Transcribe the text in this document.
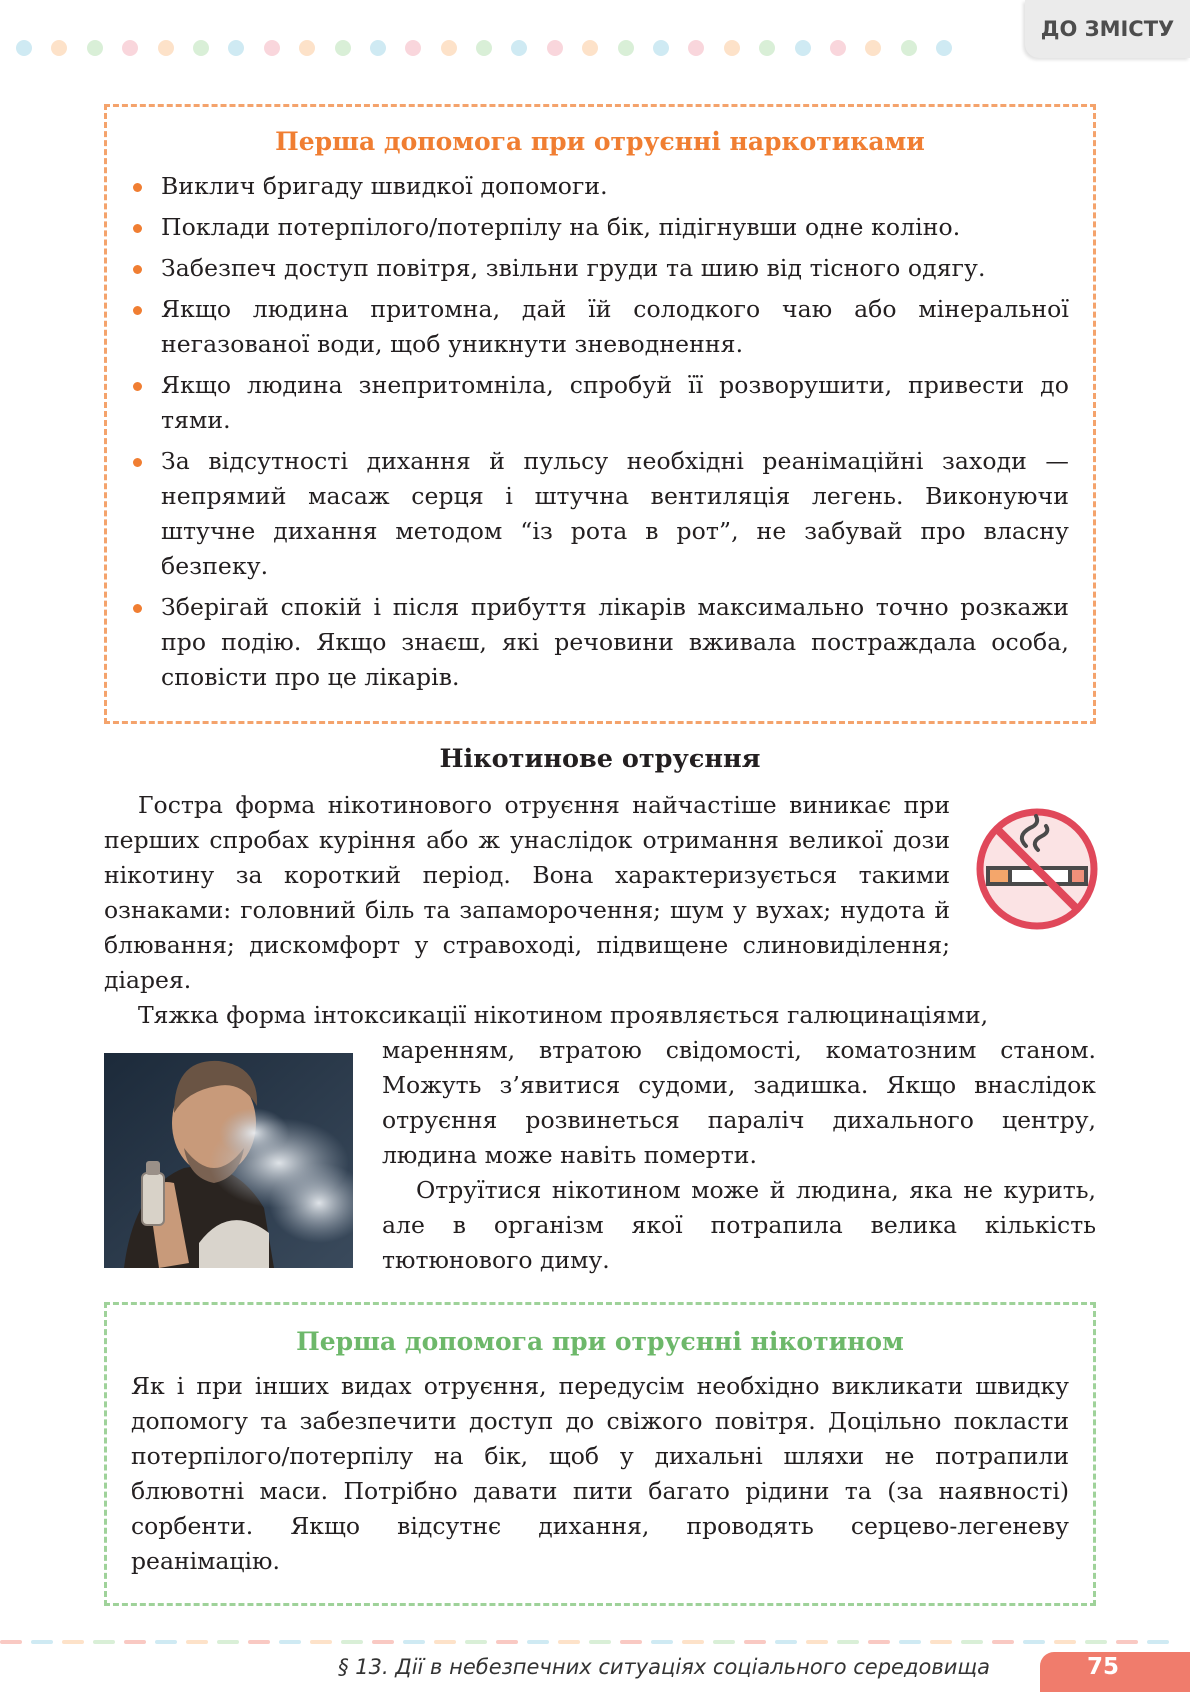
ДО ЗМІСТУ
Перша допомога при отруєнні наркотиками
Виклич бригаду швидкої допомоги.
Поклади потерпілого/потерпілу на бік, підігнувши одне коліно.
Забезпеч доступ повітря, звільни груди та шию від тісного одягу.
Якщо людина притомна, дай їй солодкого чаю або мінеральної негазованої води, щоб уникнути зневоднення.
Якщо людина знепритомніла, спробуй її розворушити, привести до тями.
За відсутності дихання й пульсу необхідні реанімаційні заходи — непрямий масаж серця і штучна вентиляція легень. Виконуючи штучне дихання методом “із рота в рот”, не забувай про власну безпеку.
Зберігай спокій і після прибуття лікарів максимально точно розкажи про подію. Якщо знаєш, які речовини вживала постраждала особа, сповісти про це лікарів.
Нікотинове отруєння

Гостра форма нікотинового отруєння найчастіше виникає при перших спробах куріння або ж унаслідок отримання великої дози нікотину за короткий період. Вона характеризується такими ознаками: головний біль та запаморочення; шум у вухах; нудота й блювання; дискомфорт у стравоході, підвищене слиновиділення; діарея.

Тяжка форма інтоксикації нікотином проявляється галюцинаціями,

маренням, втратою свідомості, коматозним станом. Можуть з’явитися судоми, задишка. Якщо внаслідок отруєння розвинеться параліч дихального центру, людина може навіть померти.

Отруїтися нікотином може й людина, яка не курить, але в організм якої потрапила велика кількість тютюнового диму.

Перша допомога при отруєнні нікотином

Як і при інших видах отруєння, передусім необхідно викликати швидку допомогу та забезпечити доступ до свіжого повітря. Доцільно покласти потерпілого/потерпілу на бік, щоб у дихальні шляхи не потрапили блювотні маси. Потрібно давати пити багато рідини та (за наявності) сорбенти. Якщо відсутнє дихання, проводять серцево-легеневу реанімацію.

§ 13. Дії в небезпечних ситуаціях соціального середовища	75
